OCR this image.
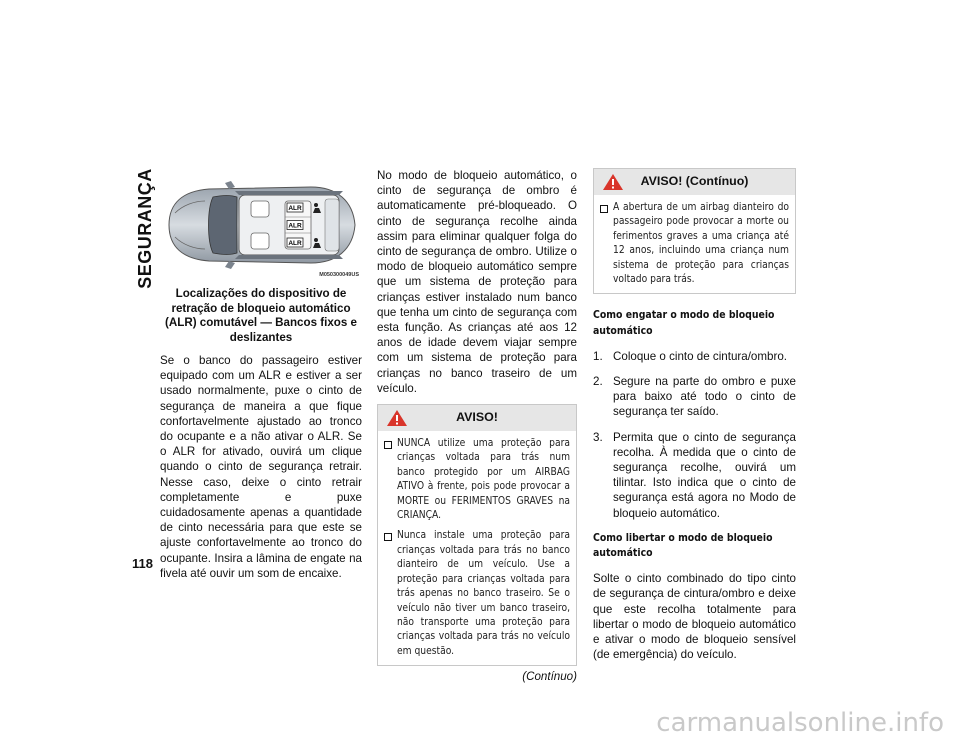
SEGURANÇA
118
ALR
ALR
ALR
M050300049US
Localizações do dispositivo de retração de bloqueio automático (ALR) comutável — Bancos fixos e deslizantes

Se o banco do passageiro estiver equipado com um ALR e estiver a ser usado normalmente, puxe o cinto de segurança de maneira a que fique confortavelmente ajustado ao tronco do ocupante e a não ativar o ALR. Se o ALR for ativado, ouvirá um clique quando o cinto de segurança retrair. Nesse caso, deixe o cinto retrair completamente e puxe cuidadosamente apenas a quantidade de cinto necessária para que este se ajuste confortavelmente ao tronco do ocupante. Insira a lâmina de engate na fivela até ouvir um som de encaixe.

No modo de bloqueio automático, o cinto de segurança de ombro é automaticamente pré-bloqueado. O cinto de segurança recolhe ainda assim para eliminar qualquer folga do cinto de segurança de ombro. Utilize o modo de bloqueio automático sempre que um sistema de proteção para crianças estiver instalado num banco que tenha um cinto de segurança com esta função. As crianças até aos 12 anos de idade devem viajar sempre com um sistema de proteção para crianças no banco traseiro de um veículo.

AVISO!
NUNCA utilize uma proteção para crianças voltada para trás num banco protegido por um AIRBAG ATIVO à frente, pois pode provocar a MORTE ou FERIMENTOS GRAVES na CRIANÇA.
Nunca instale uma proteção para crianças voltada para trás no banco dianteiro de um veículo. Use a proteção para crianças voltada para trás apenas no banco traseiro. Se o veículo não tiver um banco traseiro, não transporte uma proteção para crianças voltada para trás no veículo em questão.
(Contínuo)
AVISO! (Contínuo)
A abertura de um airbag dianteiro do passageiro pode provocar a morte ou ferimentos graves a uma criança até 12 anos, incluindo uma criança num sistema de proteção para crianças voltado para trás.
Como engatar o modo de bloqueio automático
1. Coloque o cinto de cintura/ombro.
2. Segure na parte do ombro e puxe para baixo até todo o cinto de segurança ter saído.
3. Permita que o cinto de segurança recolha. À medida que o cinto de segurança recolhe, ouvirá um tilintar. Isto indica que o cinto de segurança está agora no Modo de bloqueio automático.
Como libertar o modo de bloqueio automático

Solte o cinto combinado do tipo cinto de segurança de cintura/ombro e deixe que este recolha totalmente para libertar o modo de bloqueio automático e ativar o modo de bloqueio sensível (de emergência) do veículo.

carmanualsonline.info
